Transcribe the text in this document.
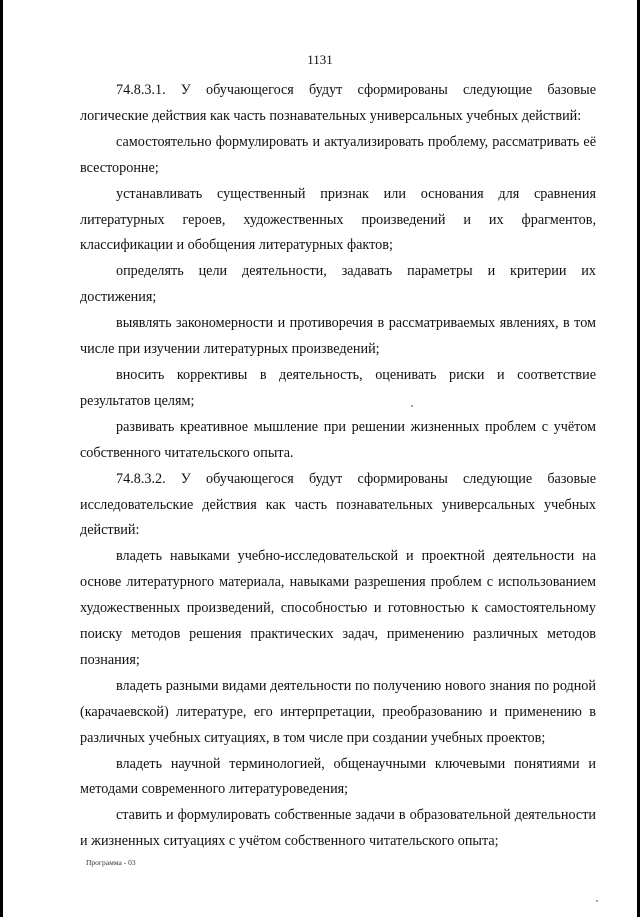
1131

74.8.3.1. У обучающегося будут сформированы следующие базовые логические действия как часть познавательных универсальных учебных действий:

самостоятельно формулировать и актуализировать проблему, рассматривать её всесторонне;

устанавливать существенный признак или основания для сравнения литературных героев, художественных произведений и их фрагментов, классификации и обобщения литературных фактов;

определять цели деятельности, задавать параметры и критерии их достижения;

выявлять закономерности и противоречия в рассматриваемых явлениях, в том числе при изучении литературных произведений;

вносить коррективы в деятельность, оценивать риски и соответствие результатов целям;

развивать креативное мышление при решении жизненных проблем с учётом собственного читательского опыта.

74.8.3.2. У обучающегося будут сформированы следующие базовые исследовательские действия как часть познавательных универсальных учебных действий:

владеть навыками учебно-исследовательской и проектной деятельности на основе литературного материала, навыками разрешения проблем с использованием художественных произведений, способностью и готовностью к самостоятельному поиску методов решения практических задач, применению различных методов познания;

владеть разными видами деятельности по получению нового знания по родной (карачаевской) литературе, его интерпретации, преобразованию и применению в различных учебных ситуациях, в том числе при создании учебных проектов;

владеть научной терминологией, общенаучными ключевыми понятиями и методами современного литературоведения;

ставить и формулировать собственные задачи в образовательной деятельности и жизненных ситуациях с учётом собственного читательского опыта;

Программа - 03
